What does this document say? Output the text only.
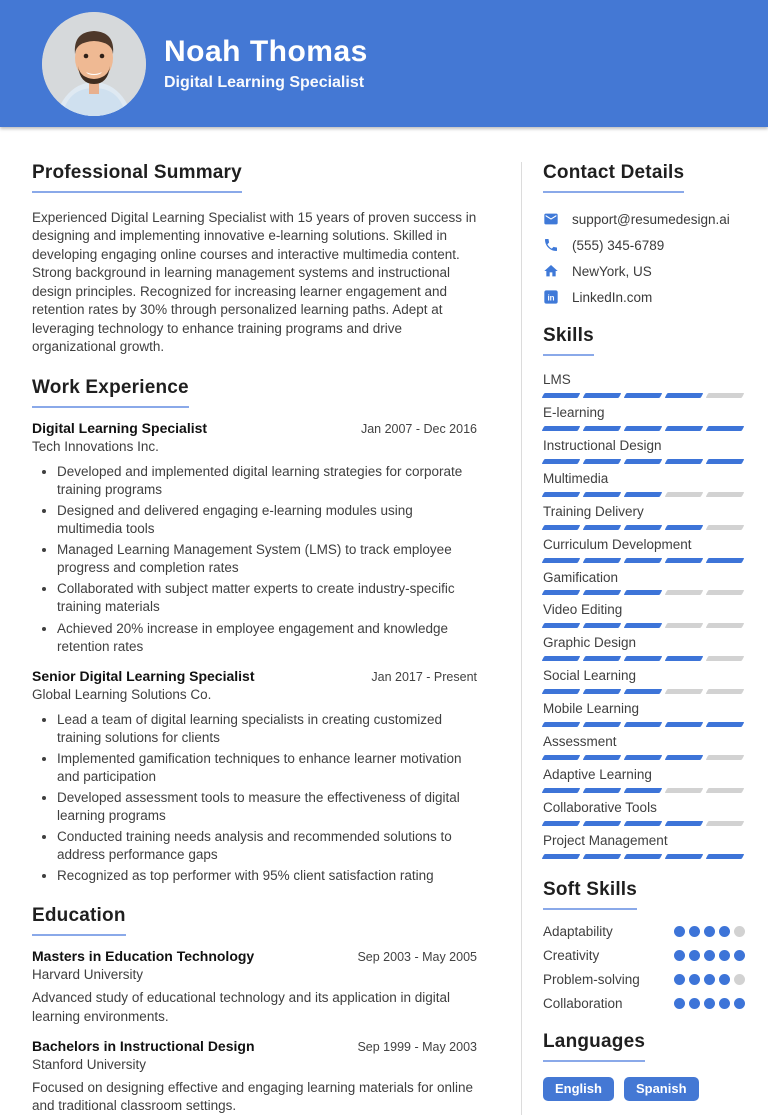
Noah Thomas
Digital Learning Specialist
Professional Summary

Experienced Digital Learning Specialist with 15 years of proven success in designing and implementing innovative e-learning solutions. Skilled in developing engaging online courses and interactive multimedia content. Strong background in learning management systems and instructional design principles. Recognized for increasing learner engagement and retention rates by 30% through personalized learning paths. Adept at leveraging technology to enhance training programs and drive organizational growth.

Work Experience
Digital Learning Specialist	Jan 2007 - Dec 2016
Tech Innovations Inc.
• Developed and implemented digital learning strategies for corporate training programs
• Designed and delivered engaging e-learning modules using multimedia tools
• Managed Learning Management System (LMS) to track employee progress and completion rates
• Collaborated with subject matter experts to create industry-specific training materials
• Achieved 20% increase in employee engagement and knowledge retention rates
Senior Digital Learning Specialist	Jan 2017 - Present
Global Learning Solutions Co.
• Lead a team of digital learning specialists in creating customized training solutions for clients
• Implemented gamification techniques to enhance learner motivation and participation
• Developed assessment tools to measure the effectiveness of digital learning programs
• Conducted training needs analysis and recommended solutions to address performance gaps
• Recognized as top performer with 95% client satisfaction rating
Education
Masters in Education Technology	Sep 2003 - May 2005
Harvard University
Advanced study of educational technology and its application in digital learning environments.
Bachelors in Instructional Design	Sep 1999 - May 2003
Stanford University
Focused on designing effective and engaging learning materials for online and traditional classroom settings.
Contact Details
support@resumedesign.ai
(555) 345-6789
NewYork, US
in LinkedIn.com
Skills
LMS
E-learning
Instructional Design
Multimedia
Training Delivery
Curriculum Development
Gamification
Video Editing
Graphic Design
Social Learning
Mobile Learning
Assessment
Adaptive Learning
Collaborative Tools
Project Management
Soft Skills
Adaptability
Creativity
Problem-solving
Collaboration
Languages
English	Spanish
